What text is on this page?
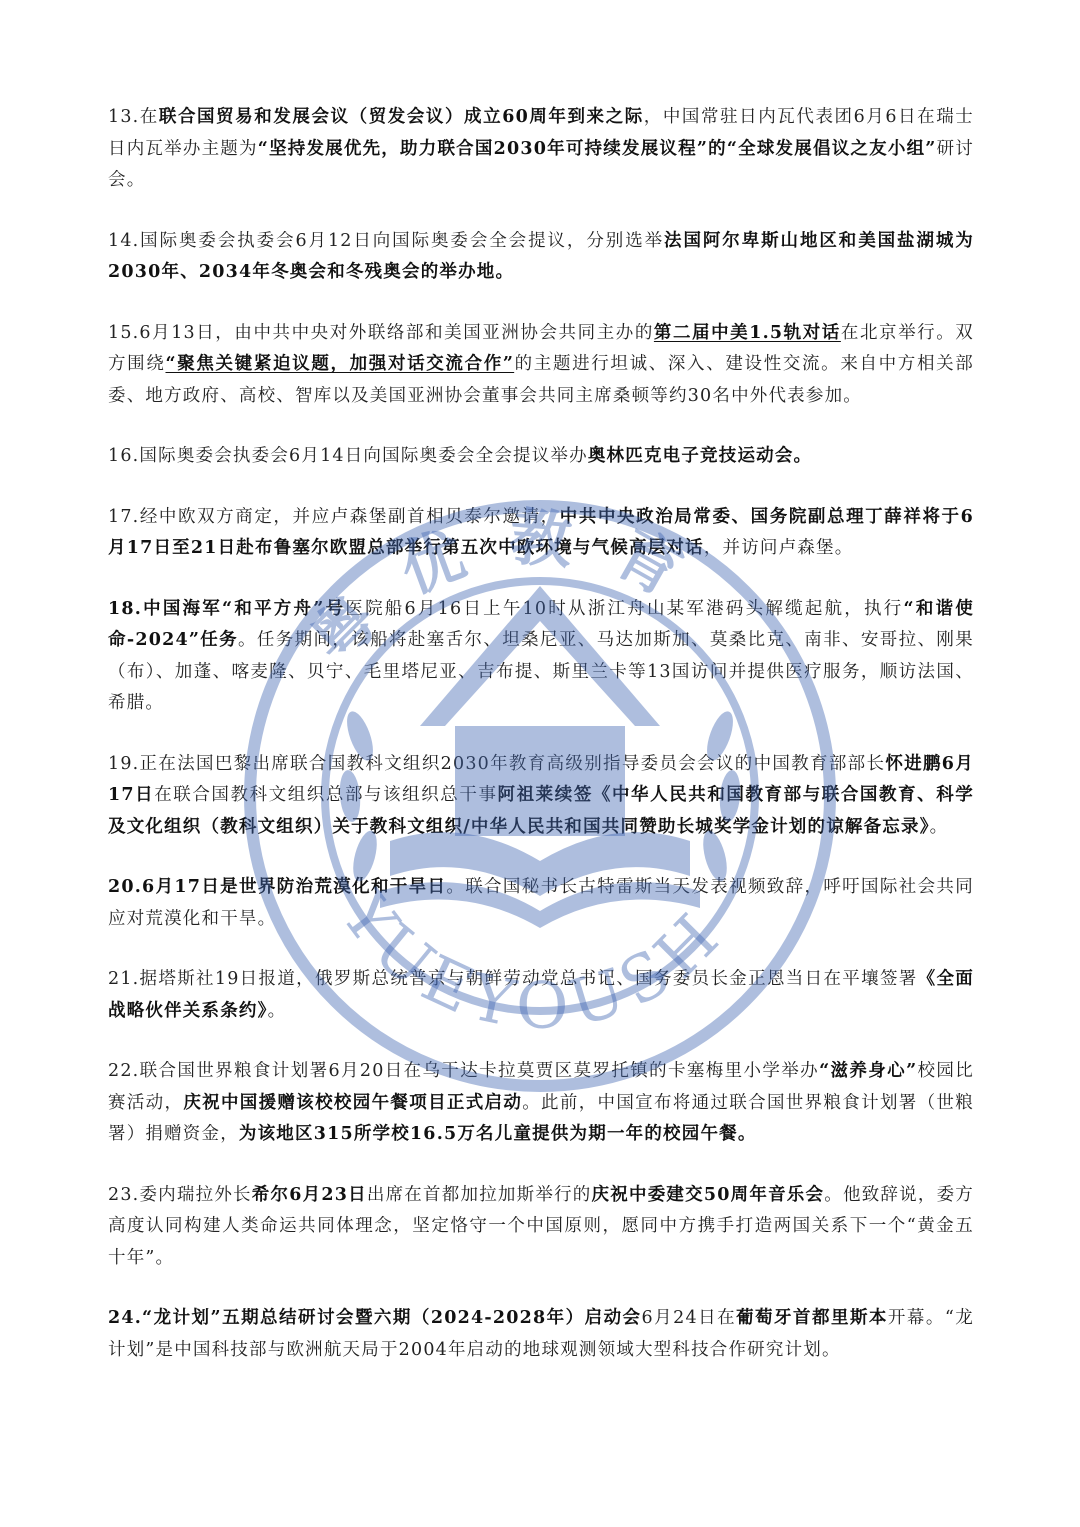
13.在联合国贸易和发展会议（贸发会议）成立60周年到来之际，中国常驻日内瓦代表团6月6日在瑞士日内瓦举办主题为“坚持发展优先，助力联合国2030年可持续发展议程”的“全球发展倡议之友小组”研讨会。

14.国际奥委会执委会6月12日向国际奥委会全会提议，分别选举法国阿尔卑斯山地区和美国盐湖城为2030年、2034年冬奥会和冬残奥会的举办地。

15.6月13日，由中共中央对外联络部和美国亚洲协会共同主办的第二届中美1.5轨对话在北京举行。双方围绕“聚焦关键紧迫议题，加强对话交流合作”的主题进行坦诚、深入、建设性交流。来自中方相关部委、地方政府、高校、智库以及美国亚洲协会董事会共同主席桑顿等约30名中外代表参加。

16.国际奥委会执委会6月14日向国际奥委会全会提议举办奥林匹克电子竞技运动会。

17.经中欧双方商定，并应卢森堡副首相贝泰尔邀请，中共中央政治局常委、国务院副总理丁薛祥将于6月17日至21日赴布鲁塞尔欧盟总部举行第五次中欧环境与气候高层对话，并访问卢森堡。

18.中国海军“和平方舟”号医院船6月16日上午10时从浙江舟山某军港码头解缆起航，执行“和谐使命-2024”任务。任务期间，该船将赴塞舌尔、坦桑尼亚、马达加斯加、莫桑比克、南非、安哥拉、刚果（布）、加蓬、喀麦隆、贝宁、毛里塔尼亚、吉布提、斯里兰卡等13国访问并提供医疗服务，顺访法国、希腊。

19.正在法国巴黎出席联合国教科文组织2030年教育高级别指导委员会会议的中国教育部部长怀进鹏6月17日在联合国教科文组织总部与该组织总干事阿祖莱续签《中华人民共和国教育部与联合国教育、科学及文化组织（教科文组织）关于教科文组织/中华人民共和国共同赞助长城奖学金计划的谅解备忘录》。

20.6月17日是世界防治荒漠化和干旱日。联合国秘书长古特雷斯当天发表视频致辞，呼吁国际社会共同应对荒漠化和干旱。

21.据塔斯社19日报道，俄罗斯总统普京与朝鲜劳动党总书记、国务委员长金正恩当日在平壤签署《全面战略伙伴关系条约》。

22.联合国世界粮食计划署6月20日在乌干达卡拉莫贾区莫罗托镇的卡塞梅里小学举办“滋养身心”校园比赛活动，庆祝中国援赠该校校园午餐项目正式启动。此前，中国宣布将通过联合国世界粮食计划署（世粮署）捐赠资金，为该地区315所学校16.5万名儿童提供为期一年的校园午餐。

23.委内瑞拉外长希尔6月23日出席在首都加拉加斯举行的庆祝中委建交50周年音乐会。他致辞说，委方高度认同构建人类命运共同体理念，坚定恪守一个中国原则，愿同中方携手打造两国关系下一个“黄金五十年”。

24.“龙计划”五期总结研讨会暨六期（2024-2028年）启动会6月24日在葡萄牙首都里斯本开幕。“龙计划”是中国科技部与欧洲航天局于2004年启动的地球观测领域大型科技合作研究计划。

粤优教育
YUEYOUSH
